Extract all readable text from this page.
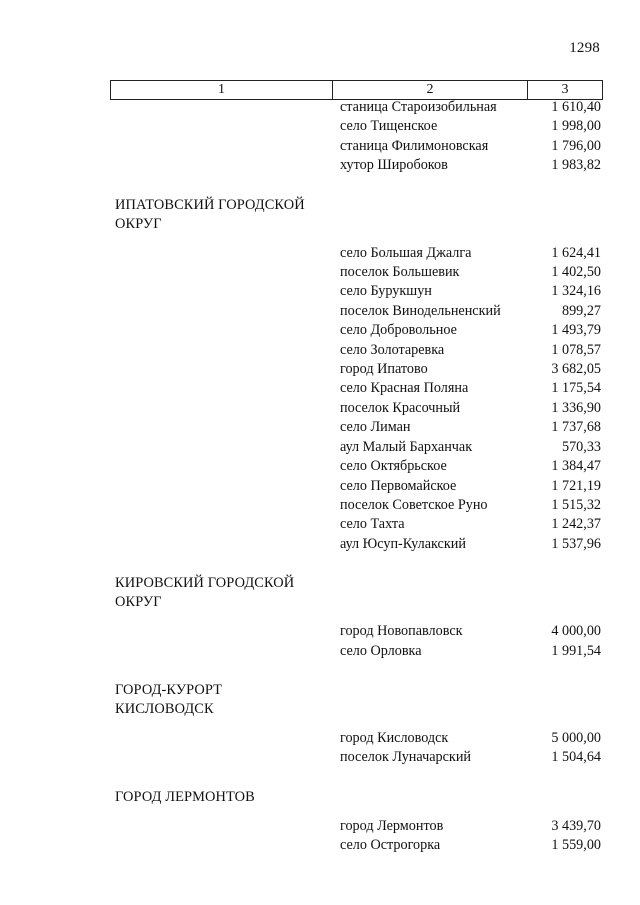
1298
1	2	3
станица Староизобильная	1 610,40
село Тищенское	1 998,00
станица Филимоновская	1 796,00
хутор Широбоков	1 983,82
ИПАТОВСКИЙ ГОРОДСКОЙ
ОКРУГ
село Большая Джалга	1 624,41
поселок Большевик	1 402,50
село Бурукшун	1 324,16
поселок Винодельненский	899,27
село Добровольное	1 493,79
село Золотаревка	1 078,57
город Ипатово	3 682,05
село Красная Поляна	1 175,54
поселок Красочный	1 336,90
село Лиман	1 737,68
аул Малый Барханчак	570,33
село Октябрьское	1 384,47
село Первомайское	1 721,19
поселок Советское Руно	1 515,32
село Тахта	1 242,37
аул Юсуп-Кулакский	1 537,96
КИРОВСКИЙ ГОРОДСКОЙ
ОКРУГ
город Новопавловск	4 000,00
село Орловка	1 991,54
ГОРОД-КУРОРТ
КИСЛОВОДСК
город Кисловодск	5 000,00
поселок Луначарский	1 504,64
ГОРОД ЛЕРМОНТОВ
город Лермонтов	3 439,70
село Острогорка	1 559,00
